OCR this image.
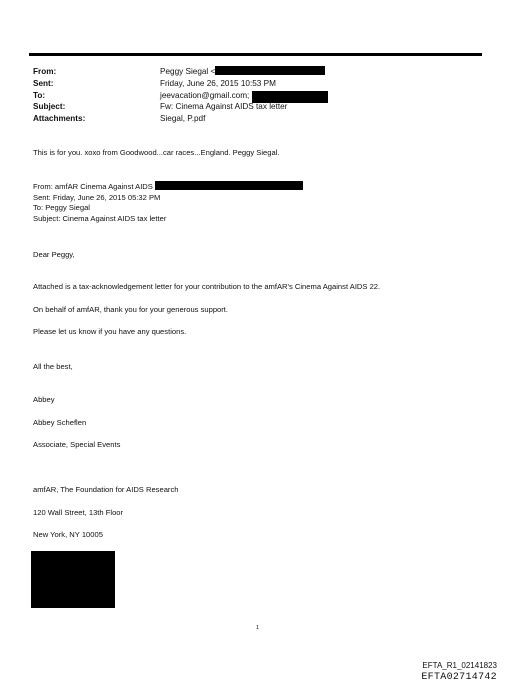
From:	Peggy Siegal <
Sent:	Friday, June 26, 2015 10:53 PM
To:	jeevacation@gmail.com;
Subject:	Fw: Cinema Against AIDS tax letter
Attachments:	Siegal, P.pdf
This is for you. xoxo from Goodwood...car races...England. Peggy Siegal.
From: amfAR Cinema Against AIDS
Sent: Friday, June 26, 2015 05:32 PM
To: Peggy Siegal
Subject: Cinema Against AIDS tax letter
Dear Peggy,
Attached is a tax-acknowledgement letter for your contribution to the amfAR's Cinema Against AIDS 22.
On behalf of amfAR, thank you for your generous support.
Please let us know if you have any questions.
All the best,
Abbey
Abbey Scheflen
Associate, Special Events
amfAR, The Foundation for AIDS Research
120 Wall Street, 13th Floor
New York, NY 10005
1
EFTA_R1_02141823
EFTA02714742
